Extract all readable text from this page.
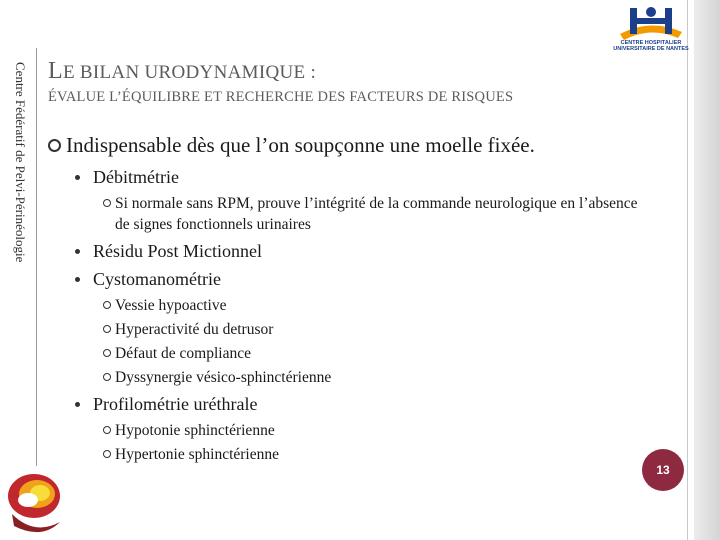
Centre Fédératif de Pelvi-Périnéologie
CENTRE HOSPITALIER
UNIVERSITAIRE DE NANTES
LE BILAN URODYNAMIQUE :
ÉVALUE L’ÉQUILIBRE ET RECHERCHE DES FACTEURS DE RISQUES
Indispensable dès que l’on soupçonne une moelle fixée.
Débitmétrie
Si normale sans RPM, prouve l’intégrité de la commande neurologique en l’absence de signes fonctionnels urinaires
Résidu Post Mictionnel
Cystomanométrie
Vessie hypoactive
Hyperactivité du detrusor
Défaut de compliance
Dyssynergie vésico-sphinctérienne
Profilométrie uréthrale
Hypotonie sphinctérienne
Hypertonie sphinctérienne
13
